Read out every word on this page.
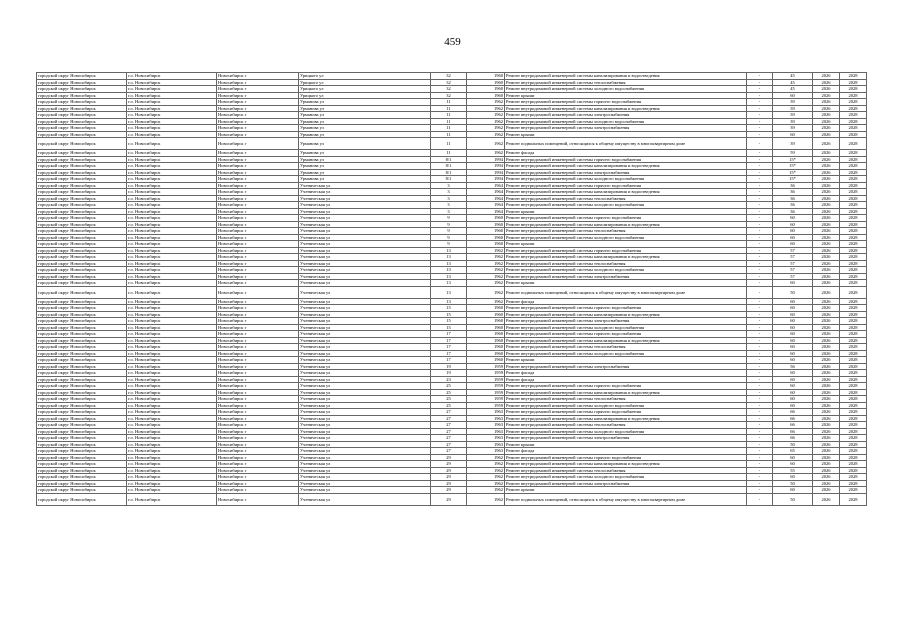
459
городской округ Новосибирск	г.о. Новосибирск	Новосибирск г	Урицкого ул	32	1960	Ремонт внутридомовой инженерной системы канализирования и водоотведения	-	45	2026	2028
городской округ Новосибирск	г.о. Новосибирск	Новосибирск г	Урицкого ул	32	1960	Ремонт внутридомовой инженерной системы теплоснабжения	-	45	2026	2028
городской округ Новосибирск	г.о. Новосибирск	Новосибирск г	Урицкого ул	32	1960	Ремонт внутридомовой инженерной системы холодного водоснабжения	-	45	2026	2028
городской округ Новосибирск	г.о. Новосибирск	Новосибирск г	Урицкого ул	32	1960	Ремонт крыши	-	60	2026	2028
городской округ Новосибирск	г.о. Новосибирск	Новосибирск г	Урманова ул	11	1962	Ремонт внутридомовой инженерной системы горячего водоснабжения	-	39	2026	2028
городской округ Новосибирск	г.о. Новосибирск	Новосибирск г	Урманова ул	11	1962	Ремонт внутридомовой инженерной системы канализирования и водоотведения	-	39	2026	2028
городской округ Новосибирск	г.о. Новосибирск	Новосибирск г	Урманова ул	11	1962	Ремонт внутридомовой инженерной системы электроснабжения	-	39	2026	2028
городской округ Новосибирск	г.о. Новосибирск	Новосибирск г	Урманова ул	11	1962	Ремонт внутридомовой инженерной системы холодного водоснабжения	-	39	2026	2028
городской округ Новосибирск	г.о. Новосибирск	Новосибирск г	Урманова ул	11	1962	Ремонт внутридомовой инженерной системы электроснабжения	-	39	2026	2028
городской округ Новосибирск	г.о. Новосибирск	Новосибирск г	Урманова ул	11	1962	Ремонт крыши	-	60	2026	2028
городской округ Новосибирск	г.о. Новосибирск	Новосибирск г	Урманова ул	11	1962	Ремонт подвальных помещений, относящихся к общему имуществу в многоквартирном доме	-	39	2026	2028
городской округ Новосибирск	г.о. Новосибирск	Новосибирск г	Урманова ул	11	1962	Ремонт фасада	-	59	2026	2028
городской округ Новосибирск	г.о. Новосибирск	Новосибирск г	Урманова ул	8/1	1994	Ремонт внутридомовой инженерной системы горячего водоснабжения	-	15*	2026	2028
городской округ Новосибирск	г.о. Новосибирск	Новосибирск г	Урманова ул	8/1	1994	Ремонт внутридомовой инженерной системы канализирования и водоотведения	-	15*	2026	2028
городской округ Новосибирск	г.о. Новосибирск	Новосибирск г	Урманова ул	8/1	1994	Ремонт внутридомовой инженерной системы электроснабжения	-	15*	2026	2028
городской округ Новосибирск	г.о. Новосибирск	Новосибирск г	Урманова ул	8/1	1994	Ремонт внутридомовой инженерной системы холодного водоснабжения	-	15*	2026	2028
городской округ Новосибирск	г.о. Новосибирск	Новосибирск г	Ученическая ул	3	1964	Ремонт внутридомовой инженерной системы горячего водоснабжения	-	36	2026	2028
городской округ Новосибирск	г.о. Новосибирск	Новосибирск г	Ученическая ул	3	1964	Ремонт внутридомовой инженерной системы канализирования и водоотведения	-	36	2026	2028
городской округ Новосибирск	г.о. Новосибирск	Новосибирск г	Ученическая ул	3	1964	Ремонт внутридомовой инженерной системы теплоснабжения	-	36	2026	2028
городской округ Новосибирск	г.о. Новосибирск	Новосибирск г	Ученическая ул	3	1964	Ремонт внутридомовой инженерной системы холодного водоснабжения	-	36	2026	2028
городской округ Новосибирск	г.о. Новосибирск	Новосибирск г	Ученическая ул	3	1964	Ремонт крыши	-	36	2026	2028
городской округ Новосибирск	г.о. Новосибирск	Новосибирск г	Ученическая ул	9	1960	Ремонт внутридомовой инженерной системы горячего водоснабжения	-	60	2026	2028
городской округ Новосибирск	г.о. Новосибирск	Новосибирск г	Ученическая ул	9	1960	Ремонт внутридомовой инженерной системы канализирования и водоотведения	-	60	2026	2028
городской округ Новосибирск	г.о. Новосибирск	Новосибирск г	Ученическая ул	9	1960	Ремонт внутридомовой инженерной системы теплоснабжения	-	60	2026	2028
городской округ Новосибирск	г.о. Новосибирск	Новосибирск г	Ученическая ул	9	1960	Ремонт внутридомовой инженерной системы холодного водоснабжения	-	60	2026	2028
городской округ Новосибирск	г.о. Новосибирск	Новосибирск г	Ученическая ул	9	1960	Ремонт крыши	-	60	2026	2028
городской округ Новосибирск	г.о. Новосибирск	Новосибирск г	Ученическая ул	13	1962	Ремонт внутридомовой инженерной системы горячего водоснабжения	-	57	2026	2028
городской округ Новосибирск	г.о. Новосибирск	Новосибирск г	Ученическая ул	13	1962	Ремонт внутридомовой инженерной системы канализирования и водоотведения	-	57	2026	2028
городской округ Новосибирск	г.о. Новосибирск	Новосибирск г	Ученическая ул	13	1962	Ремонт внутридомовой инженерной системы теплоснабжения	-	57	2026	2028
городской округ Новосибирск	г.о. Новосибирск	Новосибирск г	Ученическая ул	13	1962	Ремонт внутридомовой инженерной системы холодного водоснабжения	-	57	2026	2028
городской округ Новосибирск	г.о. Новосибирск	Новосибирск г	Ученическая ул	13	1962	Ремонт внутридомовой инженерной системы электроснабжения	-	57	2026	2028
городской округ Новосибирск	г.о. Новосибирск	Новосибирск г	Ученическая ул	13	1962	Ремонт крыши	-	60	2026	2028
городской округ Новосибирск	г.о. Новосибирск	Новосибирск г	Ученическая ул	13	1962	Ремонт подвальных помещений, относящихся к общему имуществу в многоквартирном доме	-	50	2026	2028
городской округ Новосибирск	г.о. Новосибирск	Новосибирск г	Ученическая ул	13	1962	Ремонт фасада	-	60	2026	2028
городской округ Новосибирск	г.о. Новосибирск	Новосибирск г	Ученическая ул	15	1960	Ремонт внутридомовой инженерной системы горячего водоснабжения	-	60	2026	2028
городской округ Новосибирск	г.о. Новосибирск	Новосибирск г	Ученическая ул	15	1960	Ремонт внутридомовой инженерной системы канализирования и водоотведения	-	60	2026	2028
городской округ Новосибирск	г.о. Новосибирск	Новосибирск г	Ученическая ул	15	1960	Ремонт внутридомовой инженерной системы электроснабжения	-	60	2026	2028
городской округ Новосибирск	г.о. Новосибирск	Новосибирск г	Ученическая ул	15	1960	Ремонт внутридомовой инженерной системы холодного водоснабжения	-	60	2026	2028
городской округ Новосибирск	г.о. Новосибирск	Новосибирск г	Ученическая ул	17	1960	Ремонт внутридомовой инженерной системы горячего водоснабжения	-	60	2026	2028
городской округ Новосибирск	г.о. Новосибирск	Новосибирск г	Ученическая ул	17	1960	Ремонт внутридомовой инженерной системы канализирования и водоотведения	-	60	2026	2028
городской округ Новосибирск	г.о. Новосибирск	Новосибирск г	Ученическая ул	17	1960	Ремонт внутридомовой инженерной системы теплоснабжения	-	60	2026	2028
городской округ Новосибирск	г.о. Новосибирск	Новосибирск г	Ученическая ул	17	1960	Ремонт внутридомовой инженерной системы холодного водоснабжения	-	60	2026	2028
городской округ Новосибирск	г.о. Новосибирск	Новосибирск г	Ученическая ул	17	1960	Ремонт крыши	-	60	2026	2028
городской округ Новосибирск	г.о. Новосибирск	Новосибирск г	Ученическая ул	19	1959	Ремонт внутридомовой инженерной системы электроснабжения	-	56	2026	2028
городской округ Новосибирск	г.о. Новосибирск	Новосибирск г	Ученическая ул	19	1959	Ремонт фасада	-	60	2026	2028
городской округ Новосибирск	г.о. Новосибирск	Новосибирск г	Ученическая ул	23	1959	Ремонт фасада	-	60	2026	2028
городской округ Новосибирск	г.о. Новосибирск	Новосибирск г	Ученическая ул	25	1959	Ремонт внутридомовой инженерной системы горячего водоснабжения	-	60	2026	2028
городской округ Новосибирск	г.о. Новосибирск	Новосибирск г	Ученическая ул	25	1959	Ремонт внутридомовой инженерной системы канализирования и водоотведения	-	60	2026	2028
городской округ Новосибирск	г.о. Новосибирск	Новосибирск г	Ученическая ул	25	1959	Ремонт внутридомовой инженерной системы теплоснабжения	-	60	2026	2028
городской округ Новосибирск	г.о. Новосибирск	Новосибирск г	Ученическая ул	25	1959	Ремонт внутридомовой инженерной системы холодного водоснабжения	-	60	2026	2028
городской округ Новосибирск	г.о. Новосибирск	Новосибирск г	Ученическая ул	27	1963	Ремонт внутридомовой инженерной системы горячего водоснабжения	-	66	2026	2028
городской округ Новосибирск	г.о. Новосибирск	Новосибирск г	Ученическая ул	27	1963	Ремонт внутридомовой инженерной системы канализирования и водоотведения	-	66	2026	2028
городской округ Новосибирск	г.о. Новосибирск	Новосибирск г	Ученическая ул	27	1963	Ремонт внутридомовой инженерной системы теплоснабжения	-	66	2026	2028
городской округ Новосибирск	г.о. Новосибирск	Новосибирск г	Ученическая ул	27	1963	Ремонт внутридомовой инженерной системы холодного водоснабжения	-	66	2026	2028
городской округ Новосибирск	г.о. Новосибирск	Новосибирск г	Ученическая ул	27	1963	Ремонт внутридомовой инженерной системы электроснабжения	-	66	2026	2028
городской округ Новосибирск	г.о. Новосибирск	Новосибирск г	Ученическая ул	27	1963	Ремонт крыши	-	50	2026	2028
городской округ Новосибирск	г.о. Новосибирск	Новосибирск г	Ученическая ул	27	1963	Ремонт фасада	-	65	2026	2028
городской округ Новосибирск	г.о. Новосибирск	Новосибирск г	Ученическая ул	29	1962	Ремонт внутридомовой инженерной системы горячего водоснабжения	-	60	2026	2028
городской округ Новосибирск	г.о. Новосибирск	Новосибирск г	Ученическая ул	29	1962	Ремонт внутридомовой инженерной системы канализирования и водоотведения	-	60	2026	2028
городской округ Новосибирск	г.о. Новосибирск	Новосибирск г	Ученическая ул	29	1962	Ремонт внутридомовой инженерной системы теплоснабжения	-	55	2026	2028
городской округ Новосибирск	г.о. Новосибирск	Новосибирск г	Ученическая ул	29	1962	Ремонт внутридомовой инженерной системы холодного водоснабжения	-	60	2026	2028
городской округ Новосибирск	г.о. Новосибирск	Новосибирск г	Ученическая ул	29	1962	Ремонт внутридомовой инженерной системы электроснабжения	-	50	2026	2028
городской округ Новосибирск	г.о. Новосибирск	Новосибирск г	Ученическая ул	29	1962	Ремонт крыши	-	60	2026	2028
городской округ Новосибирск	г.о. Новосибирск	Новосибирск г	Ученическая ул	29	1962	Ремонт подвальных помещений, относящихся к общему имуществу в многоквартирном доме	-	50	2026	2028
